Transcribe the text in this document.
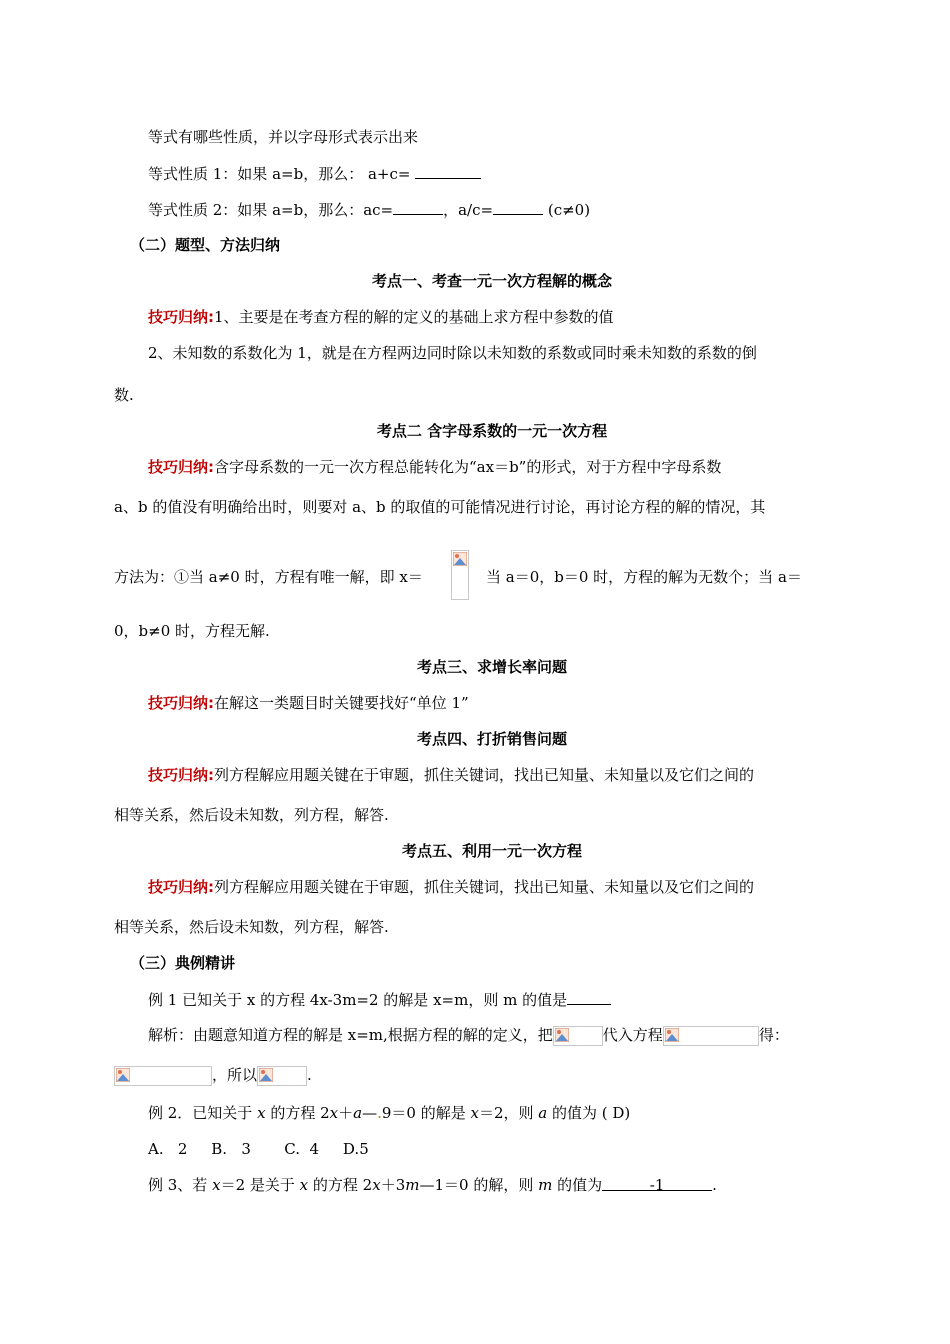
等式有哪些性质，并以字母形式表示出来
等式性质 1：如果 a=b，那么： a+c=
等式性质 2：如果 a=b，那么：ac=	，a/c=	(c≠0)
（二）题型、方法归纳
考点一、考查一元一次方程解的概念
技巧归纳:1、主要是在考查方程的解的定义的基础上求方程中参数的值
2、未知数的系数化为 1，就是在方程两边同时除以未知数的系数或同时乘未知数的系数的倒
数.
考点二 含字母系数的一元一次方程
技巧归纳:含字母系数的一元一次方程总能转化为“ax＝b”的形式，对于方程中字母系数
a、b 的值没有明确给出时，则要对 a、b 的取值的可能情况进行讨论，再讨论方程的解的情况，其
方法为：①当 a≠0 时，方程有唯一解，即 x＝	当 a＝0，b＝0 时，方程的解为无数个；当 a＝
0，b≠0 时，方程无解.
考点三、求增长率问题
技巧归纳:在解这一类题目时关键要找好“单位 1”
考点四、打折销售问题
技巧归纳:列方程解应用题关键在于审题，抓住关键词，找出已知量、未知量以及它们之间的
相等关系，然后设未知数，列方程，解答.
考点五、利用一元一次方程
技巧归纳:列方程解应用题关键在于审题，抓住关键词，找出已知量、未知量以及它们之间的
相等关系，然后设未知数，列方程，解答.
（三）典例精讲
例 1 已知关于 x 的方程 4x-3m=2 的解是 x=m，则 m 的值是
解析：由题意知道方程的解是 x=m,根据方程的解的定义，把	代入方程	得：
，所以	.
例 2．已知关于 x 的方程 2x＋a—.9＝0 的解是 x＝2，则 a 的值为 ( D)
A.   2     B.   3       C.  4     D.5
例 3、若 x＝2 是关于 x 的方程 2x＋3m—1＝0 的解，则 m 的值为	-1	.
